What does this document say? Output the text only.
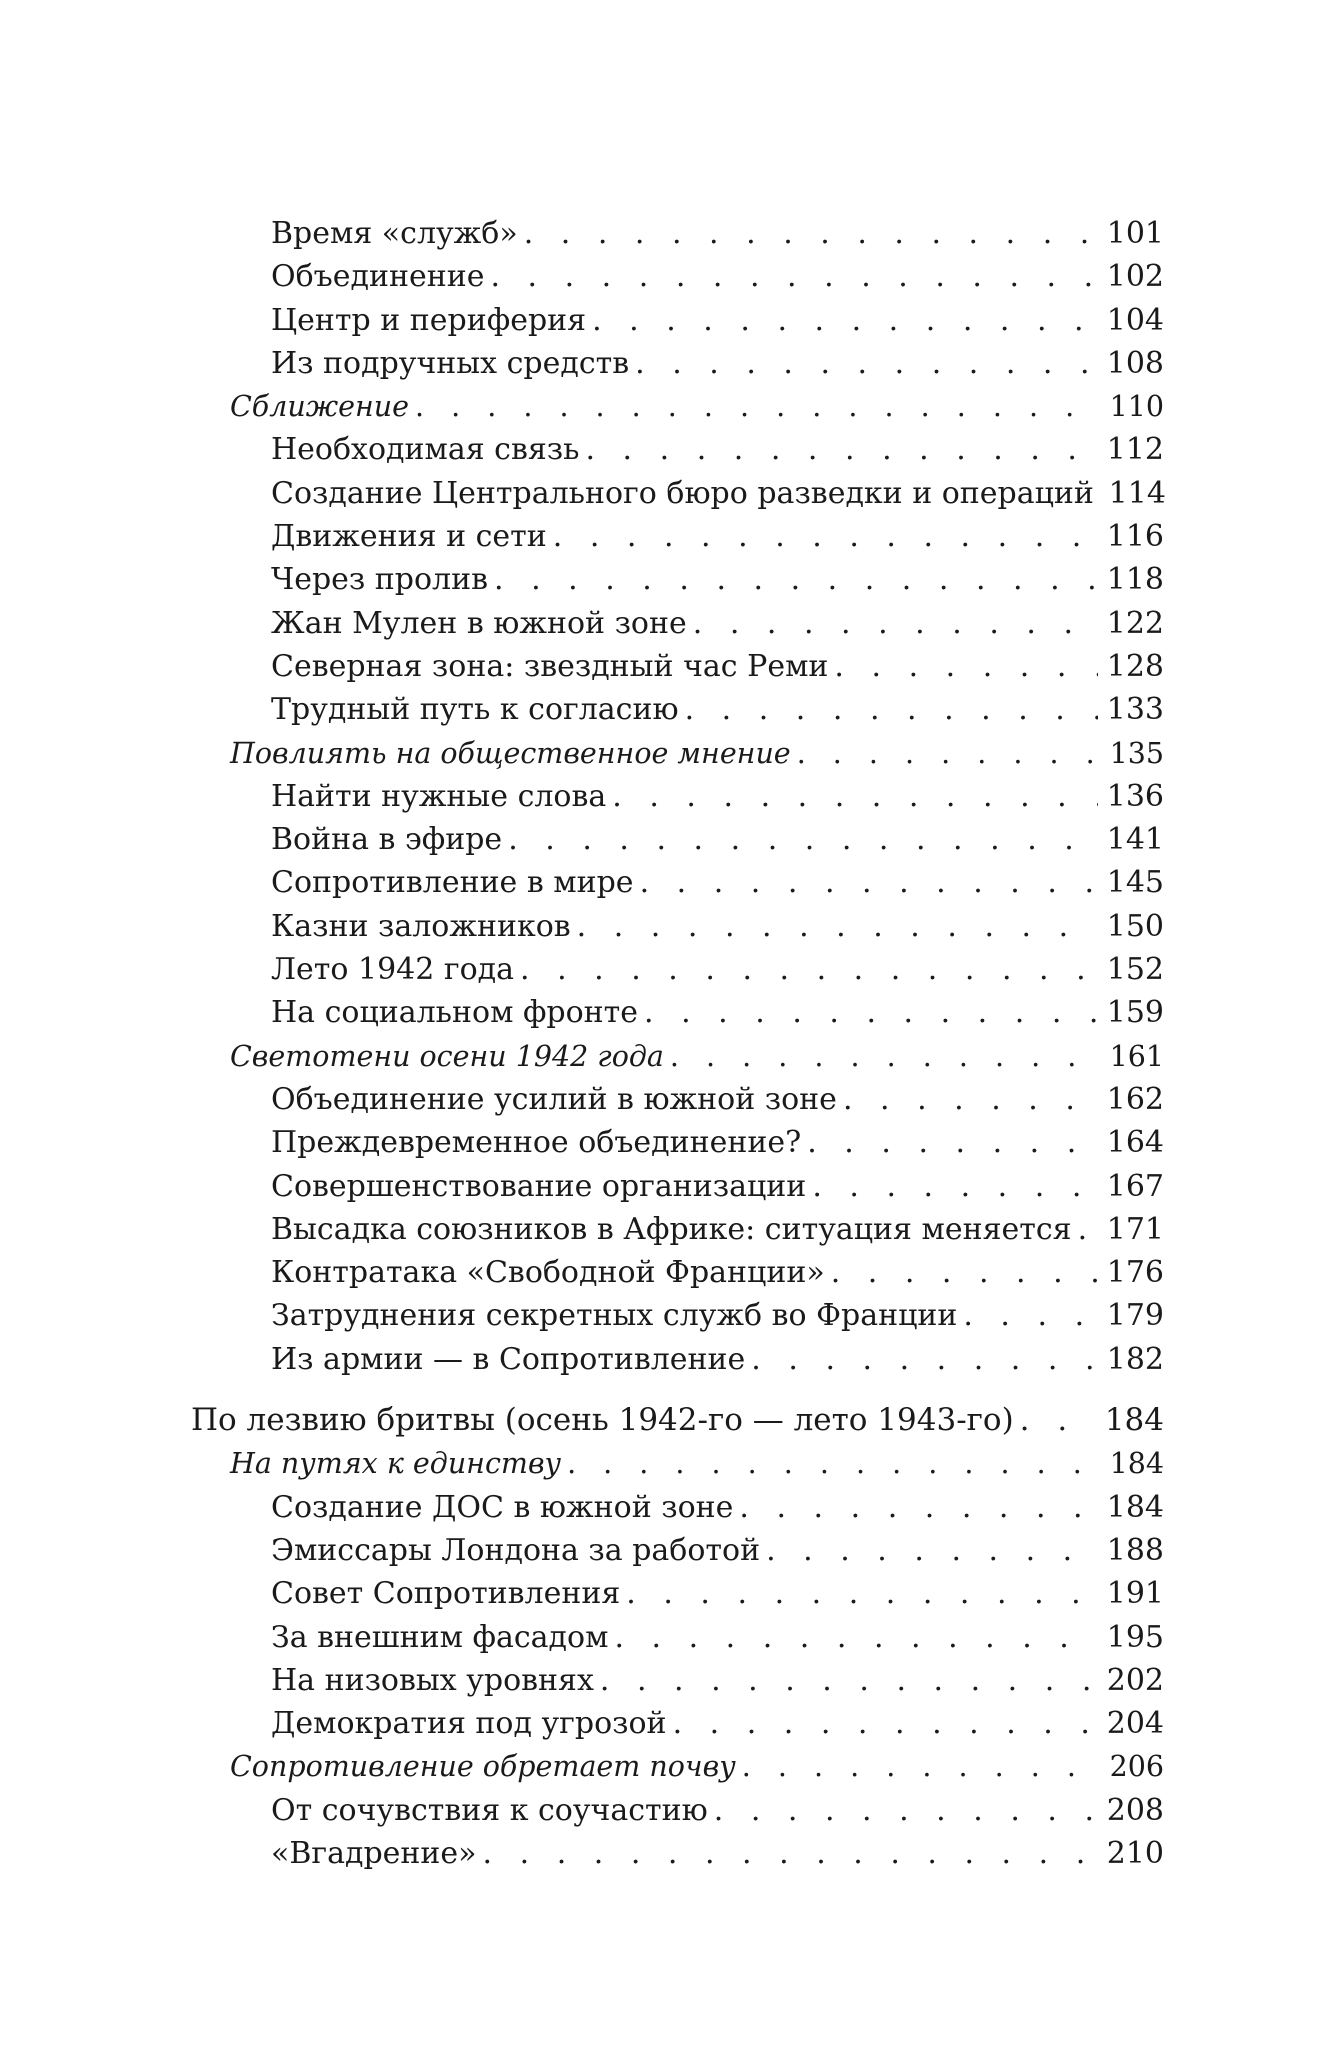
Время «служб» . . .	101
Объединение . . .	102
Центр и периферия . . .	104
Из подручных средств . . .	108
Сближение . . .	110
Необходимая связь . . .	112
Создание Центрального бюро разведки и операций 114
Движения и сети . . .	116
Через пролив . . .	118
Жан Мулен в южной зоне . . .	122
Северная зона: звездный час Реми . . .	128
Трудный путь к согласию . . .	133
Повлиять на общественное мнение . . .	135
Найти нужные слова . . .	136
Война в эфире . . .	141
Сопротивление в мире . . .	145
Казни заложников . . .	150
Лето 1942 года . . .	152
На социальном фронте . . .	159
Светотени осени 1942 года . . .	161
Объединение усилий в южной зоне . . .	162
Преждевременное объединение? . . .	164
Совершенствование организации . . .	167
Высадка союзников в Африке: ситуация меняется . . . 171
Контратака «Свободной Франции» . . .	176
Затруднения секретных служб во Франции . . .	179
Из армии — в Сопротивление . . .	182
По лезвию бритвы (осень 1942-го — лето 1943-го) . . .	184
На путях к единству . . .	184
Создание ДОС в южной зоне . . .	184
Эмиссары Лондона за работой . . .	188
Совет Сопротивления . . .	191
За внешним фасадом . . .	195
На низовых уровнях . . .	202
Демократия под угрозой . . .	204
Сопротивление обретает почву . . .	206
От сочувствия к соучастию . . .	208
«Вгадрение» . . .	210
